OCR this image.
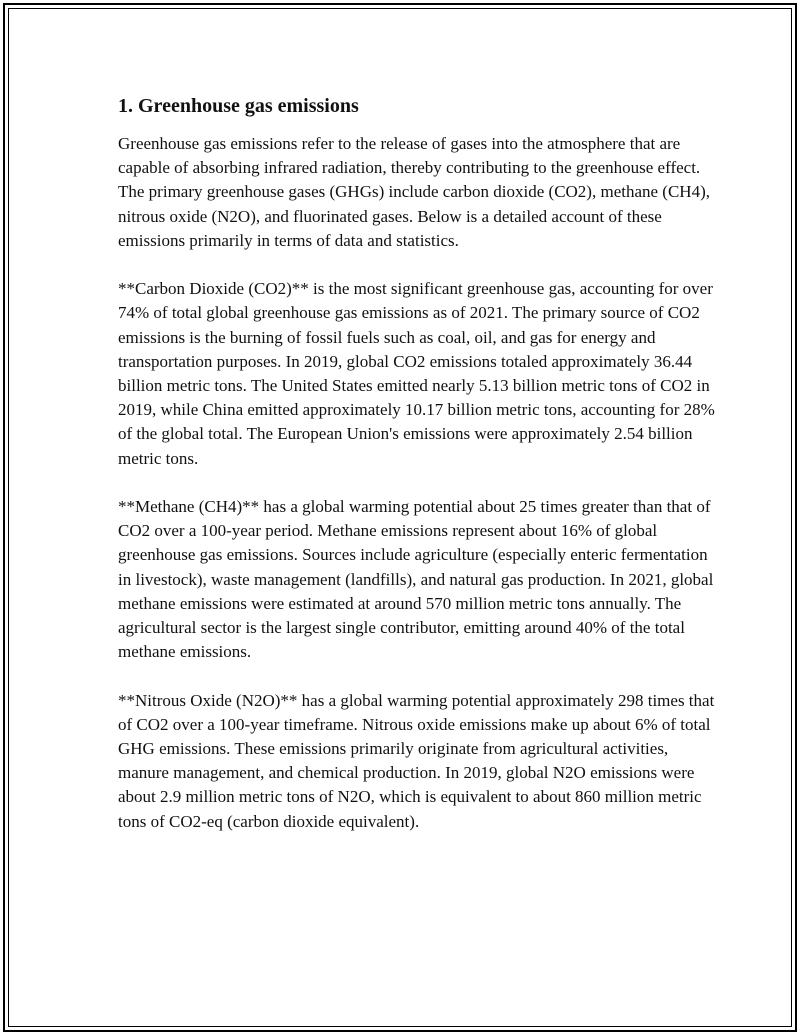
1. Greenhouse gas emissions

Greenhouse gas emissions refer to the release of gases into the atmosphere that are capable of absorbing infrared radiation, thereby contributing to the greenhouse effect. The primary greenhouse gases (GHGs) include carbon dioxide (CO2), methane (CH4), nitrous oxide (N2O), and fluorinated gases. Below is a detailed account of these emissions primarily in terms of data and statistics.

**Carbon Dioxide (CO2)** is the most significant greenhouse gas, accounting for over 74% of total global greenhouse gas emissions as of 2021. The primary source of CO2 emissions is the burning of fossil fuels such as coal, oil, and gas for energy and transportation purposes. In 2019, global CO2 emissions totaled approximately 36.44 billion metric tons. The United States emitted nearly 5.13 billion metric tons of CO2 in 2019, while China emitted approximately 10.17 billion metric tons, accounting for 28% of the global total. The European Union's emissions were approximately 2.54 billion metric tons.

**Methane (CH4)** has a global warming potential about 25 times greater than that of CO2 over a 100-year period. Methane emissions represent about 16% of global greenhouse gas emissions. Sources include agriculture (especially enteric fermentation in livestock), waste management (landfills), and natural gas production. In 2021, global methane emissions were estimated at around 570 million metric tons annually. The agricultural sector is the largest single contributor, emitting around 40% of the total methane emissions.

**Nitrous Oxide (N2O)** has a global warming potential approximately 298 times that of CO2 over a 100-year timeframe. Nitrous oxide emissions make up about 6% of total GHG emissions. These emissions primarily originate from agricultural activities, manure management, and chemical production. In 2019, global N2O emissions were about 2.9 million metric tons of N2O, which is equivalent to about 860 million metric tons of CO2-eq (carbon dioxide equivalent).
